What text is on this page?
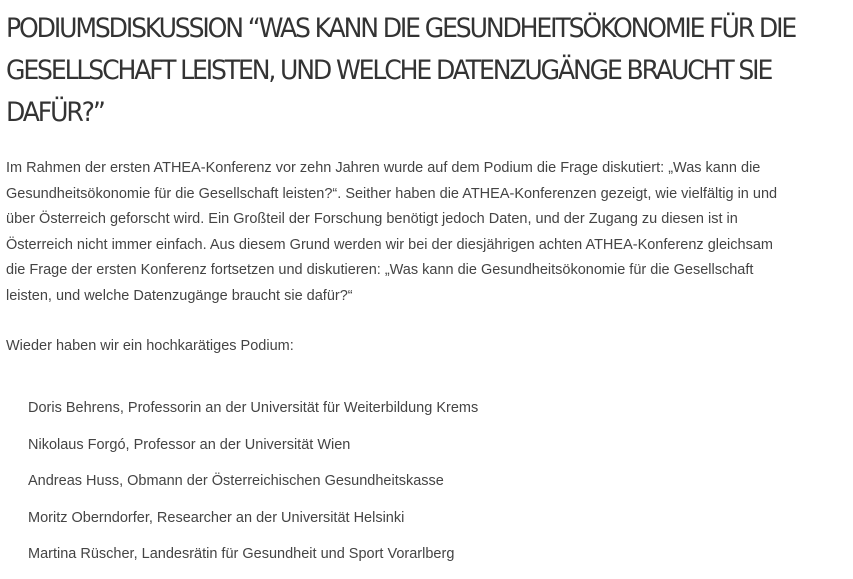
PODIUMSDISKUSSION “WAS KANN DIE GESUNDHEITSÖKONOMIE FÜR DIE GESELLSCHAFT LEISTEN, UND WELCHE DATENZUGÄNGE BRAUCHT SIE DAFÜR?”

Im Rahmen der ersten ATHEA-Konferenz vor zehn Jahren wurde auf dem Podium die Frage diskutiert: „Was kann die Gesundheitsökonomie für die Gesellschaft leisten?“. Seither haben die ATHEA-Konferenzen gezeigt, wie vielfältig in und über Österreich geforscht wird. Ein Großteil der Forschung benötigt jedoch Daten, und der Zugang zu diesen ist in Österreich nicht immer einfach. Aus diesem Grund werden wir bei der diesjährigen achten ATHEA-Konferenz gleichsam die Frage der ersten Konferenz fortsetzen und diskutieren: „Was kann die Gesundheitsökonomie für die Gesellschaft leisten, und welche Datenzugänge braucht sie dafür?“

Wieder haben wir ein hochkarätiges Podium:

Doris Behrens, Professorin an der Universität für Weiterbildung Krems
Nikolaus Forgó, Professor an der Universität Wien
Andreas Huss, Obmann der Österreichischen Gesundheitskasse
Moritz Oberndorfer, Researcher an der Universität Helsinki
Martina Rüscher, Landesrätin für Gesundheit und Sport Vorarlberg
